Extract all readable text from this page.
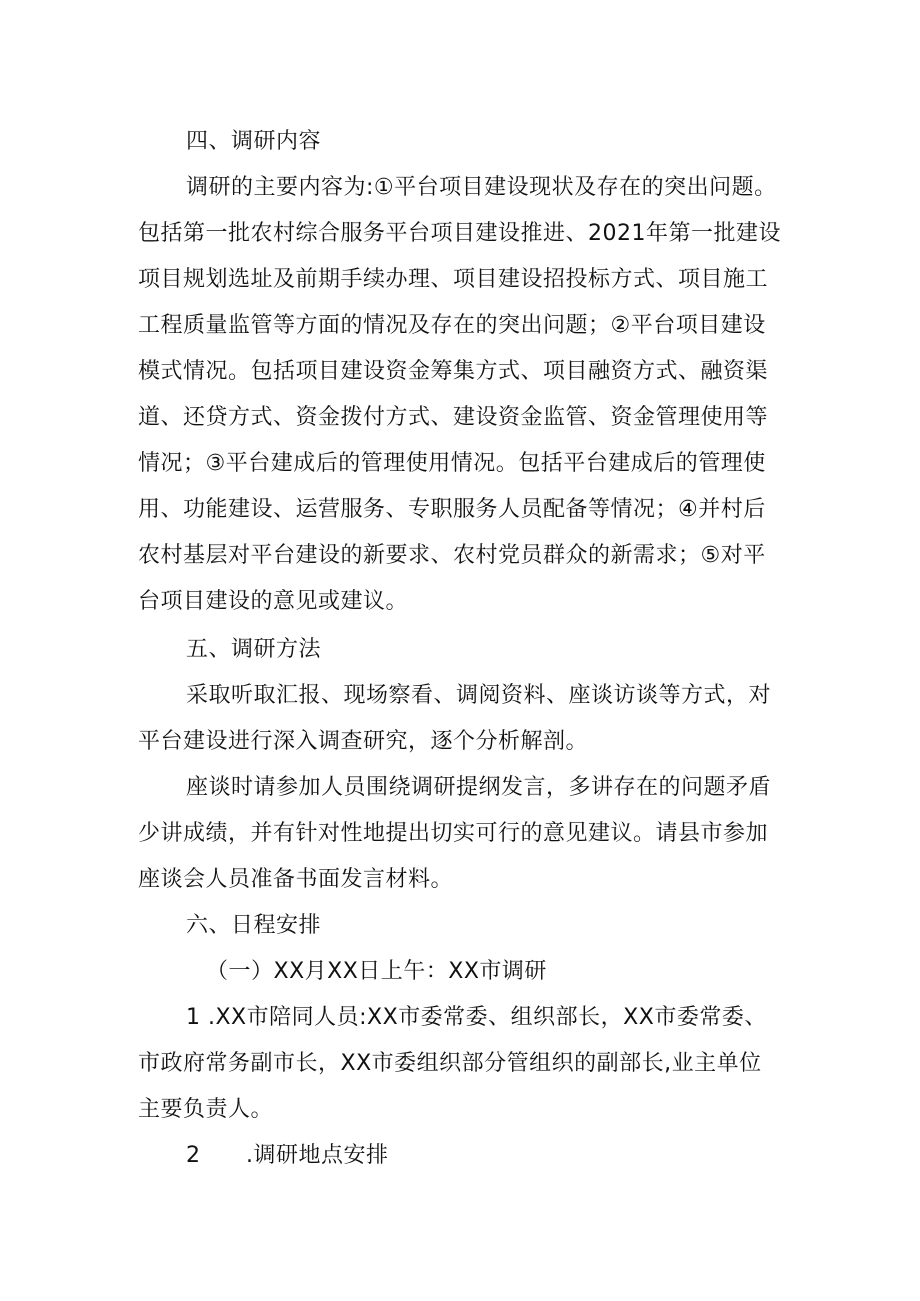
四、调研内容
调研的主要内容为:①平台项目建设现状及存在的突出问题。
包括第一批农村综合服务平台项目建设推进、2021年第一批建设
项目规划选址及前期手续办理、项目建设招投标方式、项目施工
工程质量监管等方面的情况及存在的突出问题；②平台项目建设
模式情况。包括项目建设资金筹集方式、项目融资方式、融资渠
道、还贷方式、资金拨付方式、建设资金监管、资金管理使用等
情况；③平台建成后的管理使用情况。包括平台建成后的管理使
用、功能建设、运营服务、专职服务人员配备等情况；④并村后
农村基层对平台建设的新要求、农村党员群众的新需求；⑤对平
台项目建设的意见或建议。
五、调研方法
采取听取汇报、现场察看、调阅资料、座谈访谈等方式，对
平台建设进行深入调查研究，逐个分析解剖。
座谈时请参加人员围绕调研提纲发言，多讲存在的问题矛盾
少讲成绩，并有针对性地提出切实可行的意见建议。请县市参加
座谈会人员准备书面发言材料。
六、日程安排
（一）XX月XX日上午：XX市调研
1 .XX市陪同人员:XX市委常委、组织部长，XX市委常委、
市政府常务副市长，XX市委组织部分管组织的副部长,业主单位
主要负责人。
2 .调研地点安排
